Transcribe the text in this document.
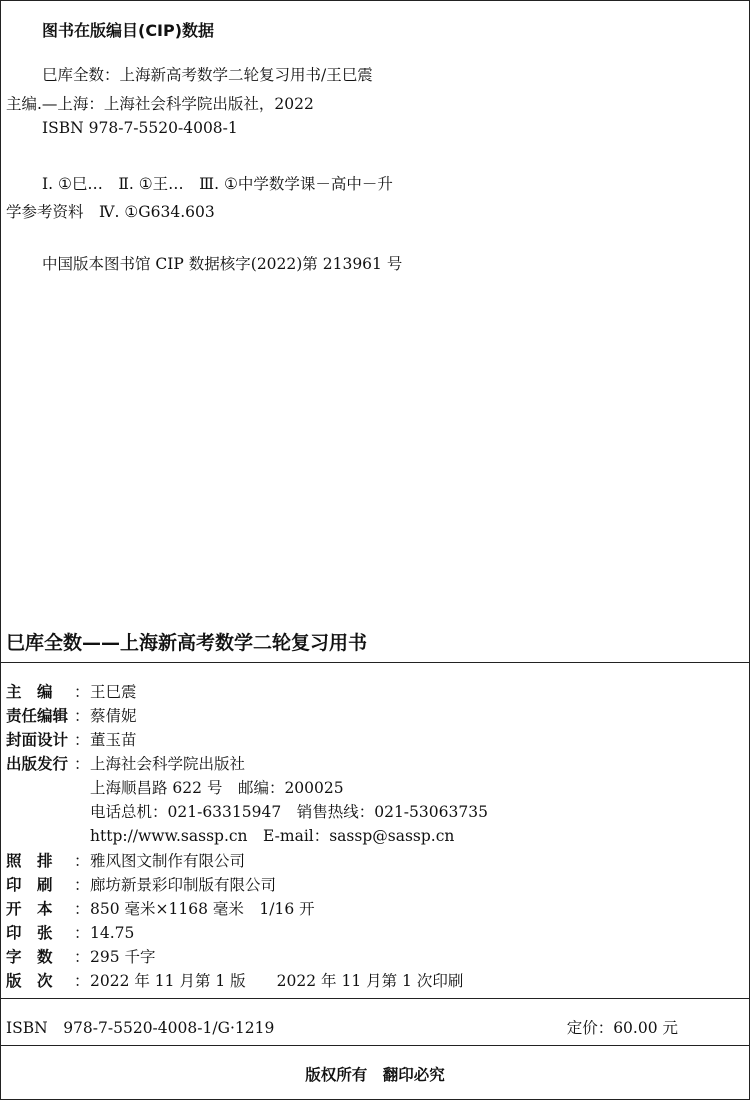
图书在版编目(CIP)数据
巳库全数：上海新高考数学二轮复习用书/王巳震
主编.—上海：上海社会科学院出版社，2022
ISBN 978-7-5520-4008-1
Ⅰ. ①巳…　Ⅱ. ①王…　Ⅲ. ①中学数学课－高中－升
学参考资料　Ⅳ. ①G634.603
中国版本图书馆 CIP 数据核字(2022)第 213961 号
巳库全数——上海新高考数学二轮复习用书
主　编 ：王巳震
责任编辑 ：蔡倩妮
封面设计 ：董玉苗
出版发行 ：上海社会科学院出版社
上海顺昌路 622 号　邮编：200025
电话总机：021-63315947　销售热线：021-53063735
http://www.sassp.cn　E-mail：sassp@sassp.cn
照　排 ：雅风图文制作有限公司
印　刷 ：廊坊新景彩印制版有限公司
开　本 ：850 毫米×1168 毫米　1/16 开
印　张 ：14.75
字　数 ：295 千字
版　次 ：2022 年 11 月第 1 版　　2022 年 11 月第 1 次印刷
ISBN　978-7-5520-4008-1/G·1219	定价：60.00 元
版权所有　翻印必究
